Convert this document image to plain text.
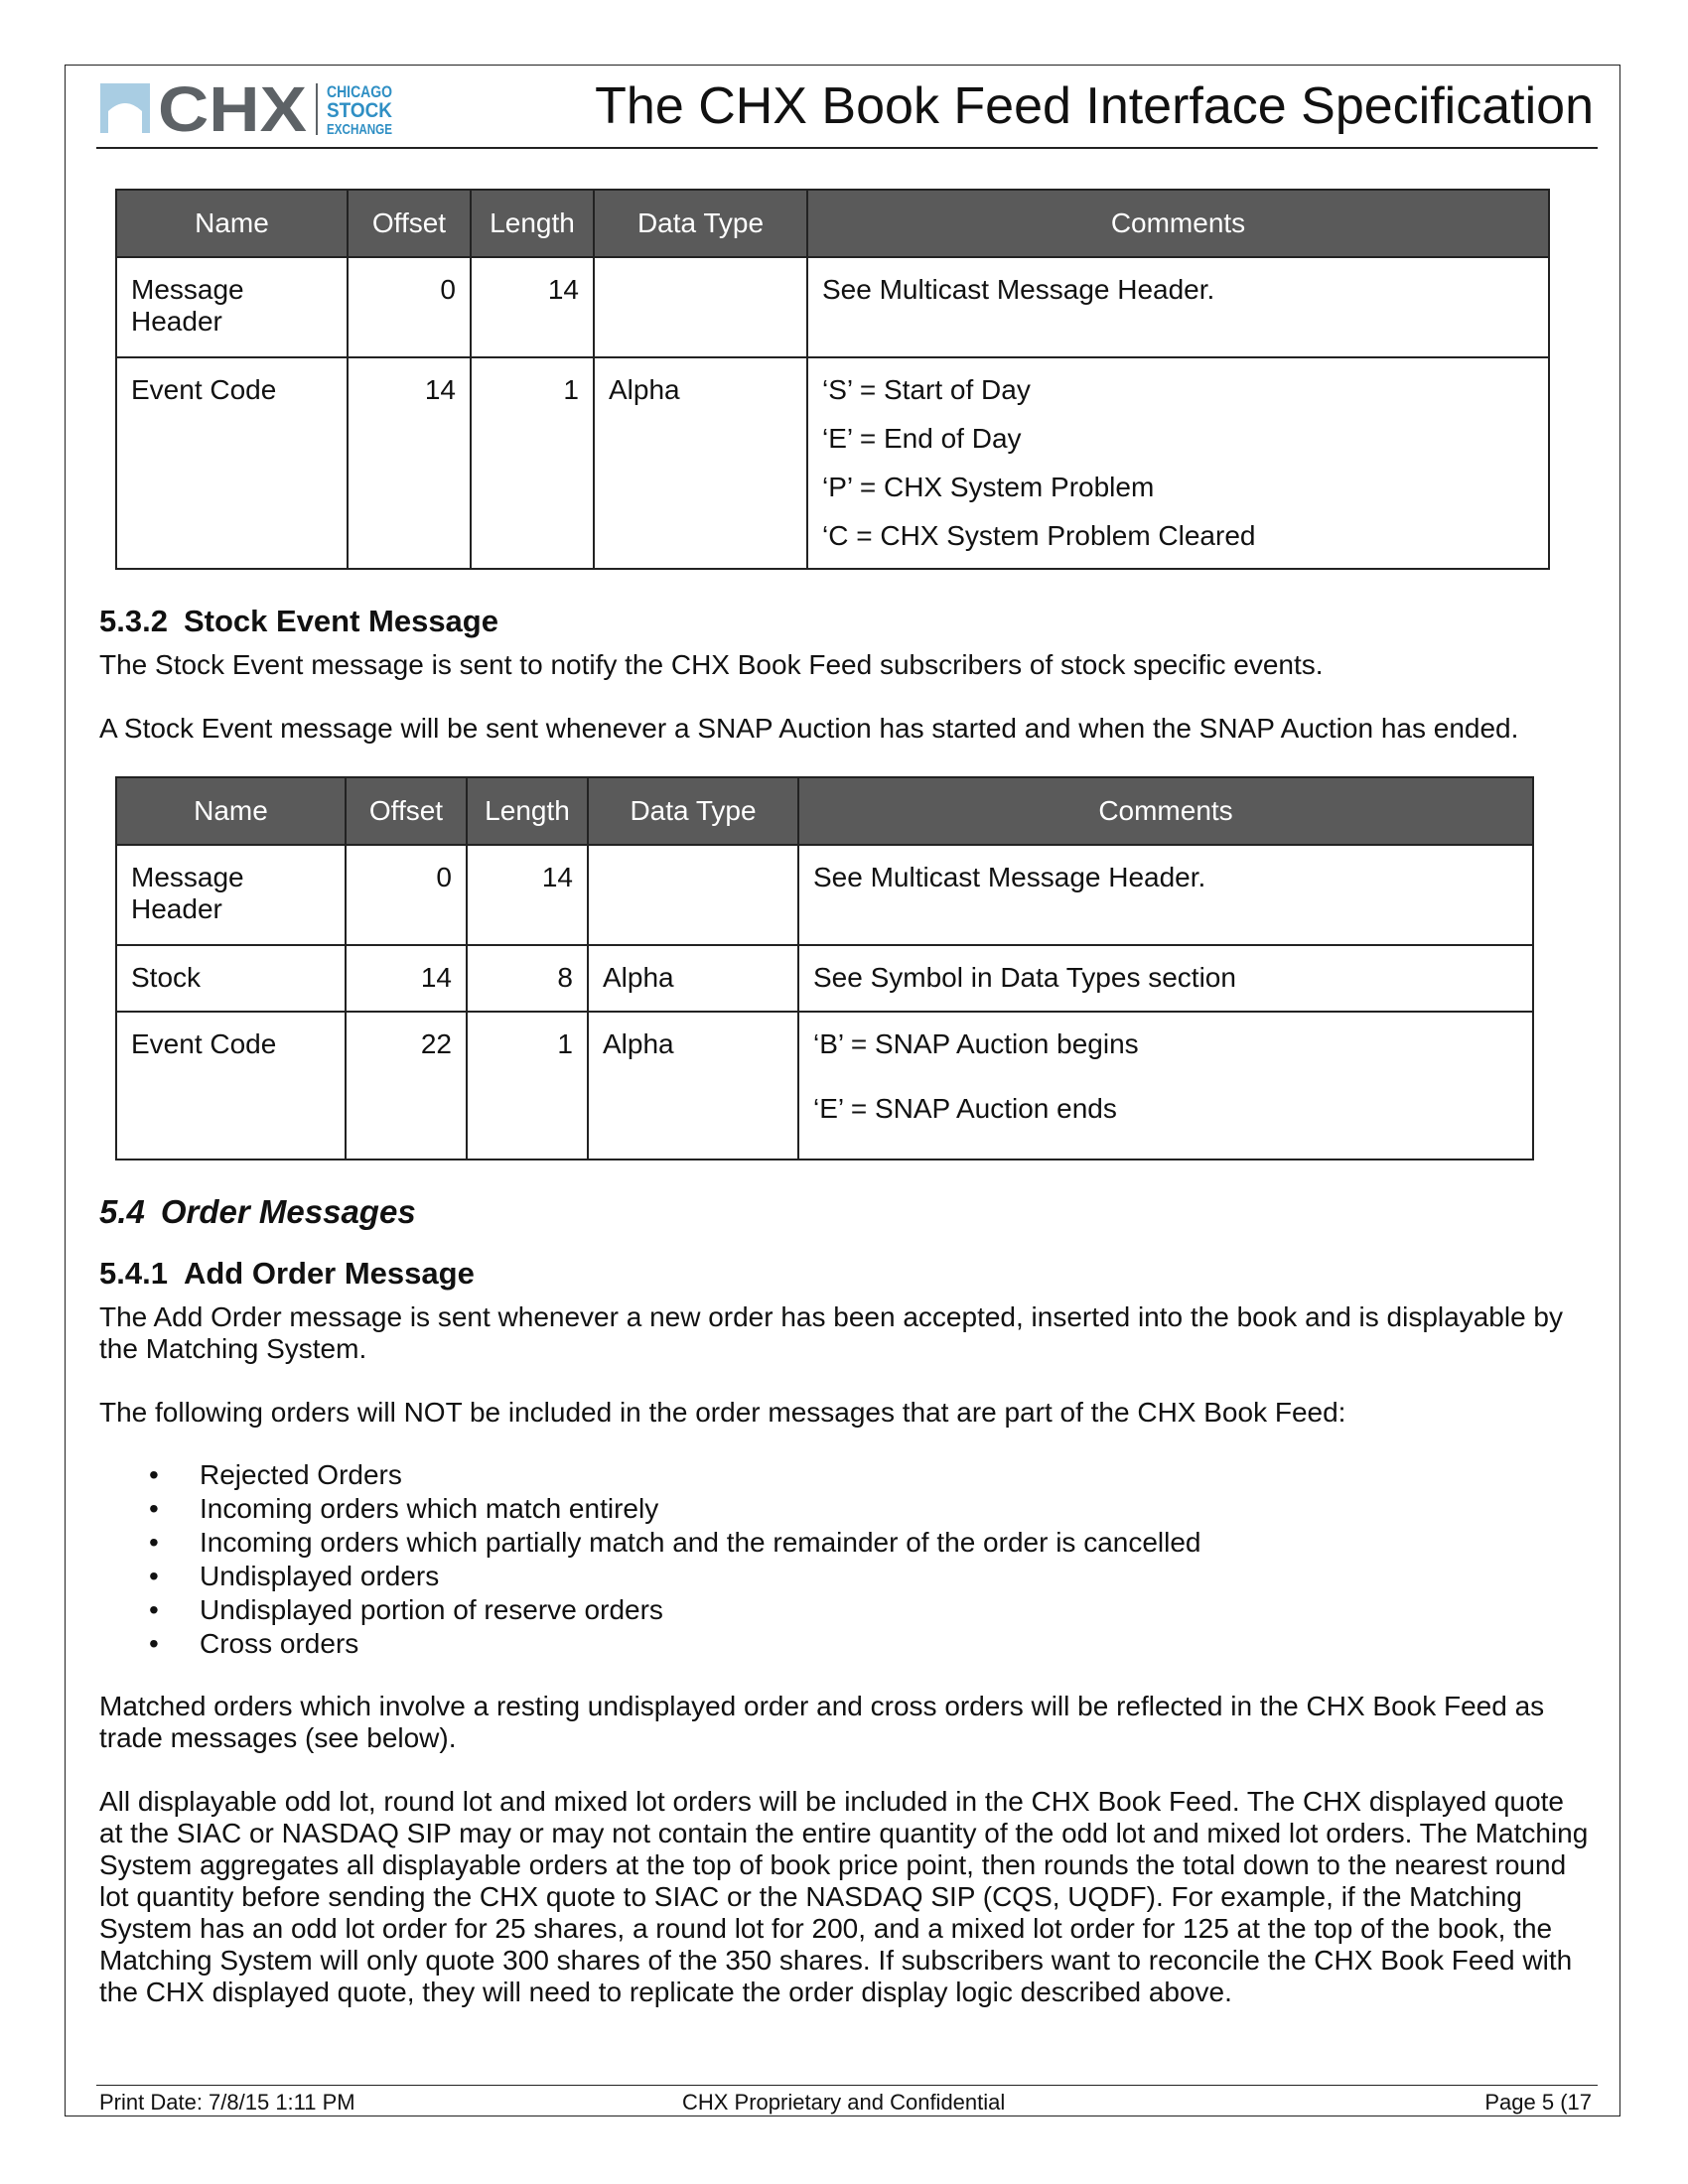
CHX CHICAGO
STOCK
EXCHANGE	The CHX Book Feed Interface Specification
Name	Offset	Length	Data Type	Comments
Message Header	0	14		See Multicast Message Header.

Event Code	14	1	Alpha	‘S’ = Start of Day
‘E’ = End of Day
‘P’ = CHX System Problem
‘C = CHX System Problem Cleared
5.3.2 Stock Event Message

The Stock Event message is sent to notify the CHX Book Feed subscribers of stock specific events.

A Stock Event message will be sent whenever a SNAP Auction has started and when the SNAP Auction has ended.

Name	Offset	Length	Data Type	Comments
Message Header	0	14		See Multicast Message Header.

Stock	14	8	Alpha	See Symbol in Data Types section

Event Code	22	1	Alpha	‘B’ = SNAP Auction begins
‘E’ = SNAP Auction ends
5.4 Order Messages
5.4.1 Add Order Message

The Add Order message is sent whenever a new order has been accepted, inserted into the book and is displayable by the Matching System.

The following orders will NOT be included in the order messages that are part of the CHX Book Feed:

• Rejected Orders
• Incoming orders which match entirely
• Incoming orders which partially match and the remainder of the order is cancelled
• Undisplayed orders
• Undisplayed portion of reserve orders
• Cross orders

Matched orders which involve a resting undisplayed order and cross orders will be reflected in the CHX Book Feed as trade messages (see below).

All displayable odd lot, round lot and mixed lot orders will be included in the CHX Book Feed. The CHX displayed quote at the SIAC or NASDAQ SIP may or may not contain the entire quantity of the odd lot and mixed lot orders. The Matching System aggregates all displayable orders at the top of book price point, then rounds the total down to the nearest round lot quantity before sending the CHX quote to SIAC or the NASDAQ SIP (CQS, UQDF). For example, if the Matching System has an odd lot order for 25 shares, a round lot for 200, and a mixed lot order for 125 at the top of the book, the Matching System will only quote 300 shares of the 350 shares. If subscribers want to reconcile the CHX Book Feed with the CHX displayed quote, they will need to replicate the order display logic described above.

Print Date: 7/8/15 1:11 PM	CHX Proprietary and Confidential	Page 5 (17
